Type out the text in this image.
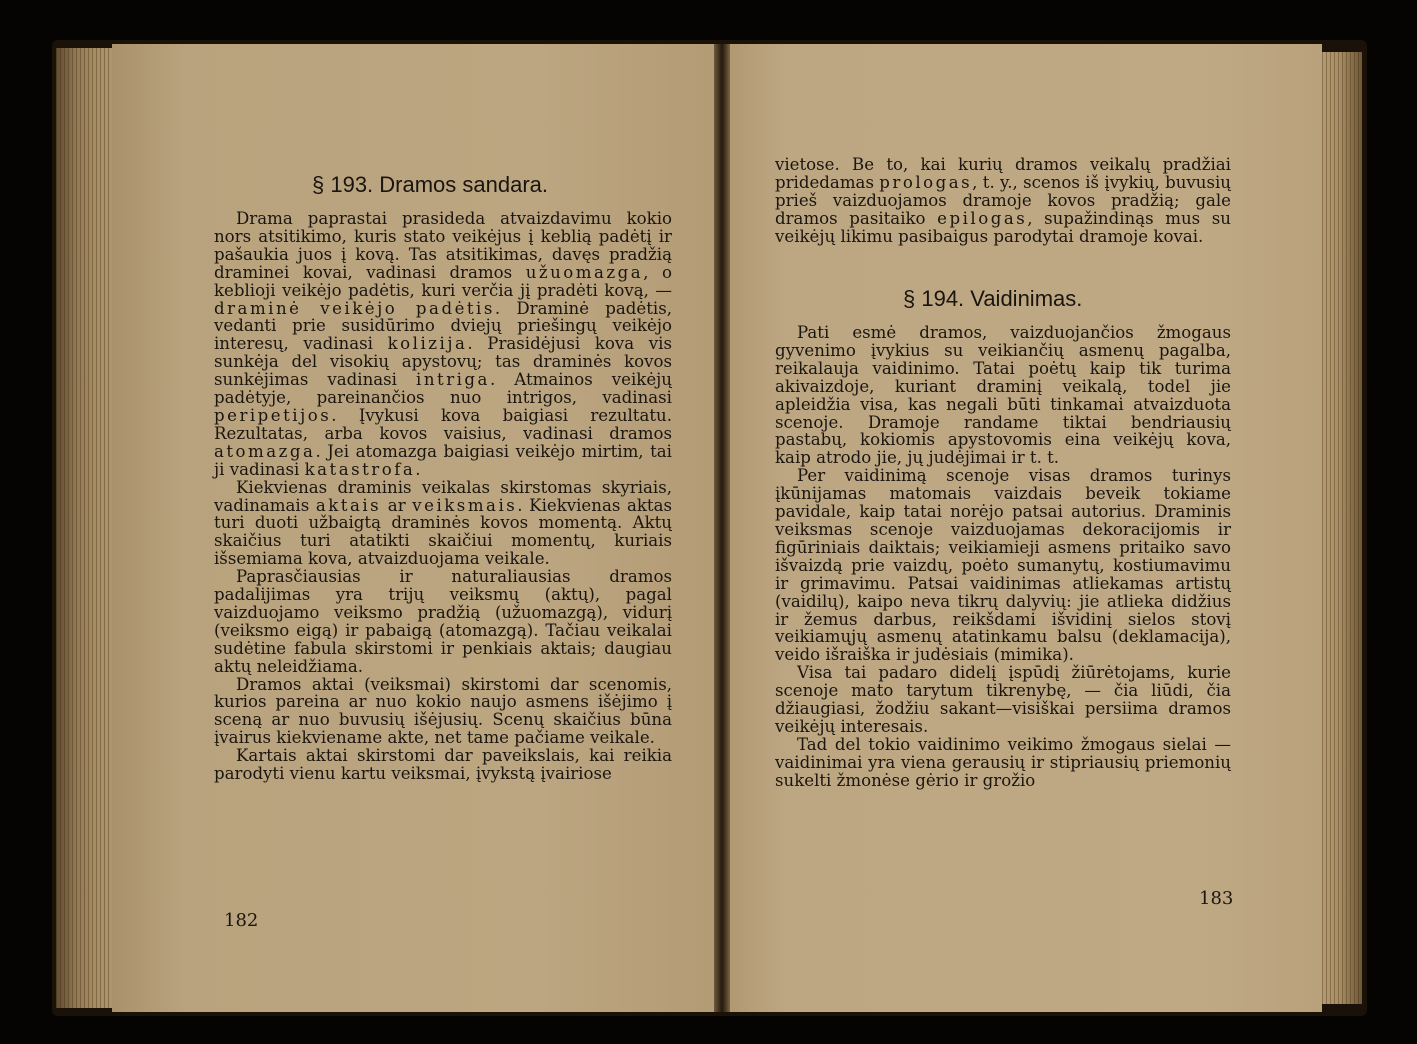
§ 193. Dramos sandara.

Drama paprastai prasideda atvaizdavimu kokio nors atsitikimo, kuris stato veikėjus į keblią padėtį ir pašaukia juos į kovą. Tas atsitikimas, davęs pradžią draminei kovai, vadinasi dramos užuomazga, o keblioji veikėjo padėtis, kuri verčia jį pradėti kovą, — draminė veikėjo padėtis. Draminė padėtis, vedanti prie susidūrimo dviejų priešingų veikėjo interesų, vadinasi kolizija. Prasidėjusi kova vis sunkėja del visokių apystovų; tas draminės kovos sunkėjimas vadinasi intriga. Atmainos veikėjų padėtyje, pareinančios nuo intrigos, vadinasi peripetijos. Įvykusi kova baigiasi rezultatu. Rezultatas, arba kovos vaisius, vadinasi dramos atomazga. Jei atomazga baigiasi veikėjo mirtim, tai ji vadinasi katastrofa.

Kiekvienas draminis veikalas skirstomas skyriais, vadinamais aktais ar veiksmais. Kiekvienas aktas turi duoti užbaigtą draminės kovos momentą. Aktų skaičius turi atatikti skaičiui momentų, kuriais išsemiama kova, atvaizduojama veikale.

Paprasčiausias ir naturaliausias dramos padalijimas yra trijų veiksmų (aktų), pagal vaizduojamo veiksmo pradžią (užuomazgą), vidurį (veiksmo eigą) ir pabaigą (atomazgą). Tačiau veikalai sudėtine fabula skirstomi ir penkiais aktais; daugiau aktų neleidžiama.

Dramos aktai (veiksmai) skirstomi dar scenomis, kurios pareina ar nuo kokio naujo asmens išėjimo į sceną ar nuo buvusių išėjusių. Scenų skaičius būna įvairus kiekviename akte, net tame pačiame veikale.

Kartais aktai skirstomi dar paveikslais, kai reikia parodyti vienu kartu veiksmai, įvykstą įvairiose

182

vietose. Be to, kai kurių dramos veikalų pradžiai pridedamas prologas, t. y., scenos iš įvykių, buvusių prieš vaizduojamos dramoje kovos pradžią; gale dramos pasitaiko epilogas, supažindinąs mus su veikėjų likimu pasibaigus parodytai dramoje kovai.

§ 194. Vaidinimas.

Pati esmė dramos, vaizduojančios žmogaus gyvenimo įvykius su veikiančių asmenų pagalba, reikalauja vaidinimo. Tatai poėtų kaip tik turima akivaizdoje, kuriant draminį veikalą, todel jie apleidžia visa, kas negali būti tinkamai atvaizduota scenoje. Dramoje randame tiktai bendriausių pastabų, kokiomis apystovomis eina veikėjų kova, kaip atrodo jie, jų judėjimai ir t. t.

Per vaidinimą scenoje visas dramos turinys įkūnijamas matomais vaizdais beveik tokiame pavidale, kaip tatai norėjo patsai autorius. Draminis veiksmas scenoje vaizduojamas dekoracijomis ir figūriniais daiktais; veikiamieji asmens pritaiko savo išvaizdą prie vaizdų, poėto sumanytų, kostiumavimu ir grimavimu. Patsai vaidinimas atliekamas artistų (vaidilų), kaipo neva tikrų dalyvių: jie atlieka didžius ir žemus darbus, reikšdami išvidinį sielos stovį veikiamųjų asmenų atatinkamu balsu (deklamacija), veido išraiška ir judėsiais (mimika).

Visa tai padaro didelį įspūdį žiūrėtojams, kurie scenoje mato tarytum tikrenybę, — čia liūdi, čia džiaugiasi, žodžiu sakant—visiškai persiima dramos veikėjų interesais.

Tad del tokio vaidinimo veikimo žmogaus sielai — vaidinimai yra viena gerausių ir stipriausių priemonių sukelti žmonėse gėrio ir grožio

183
